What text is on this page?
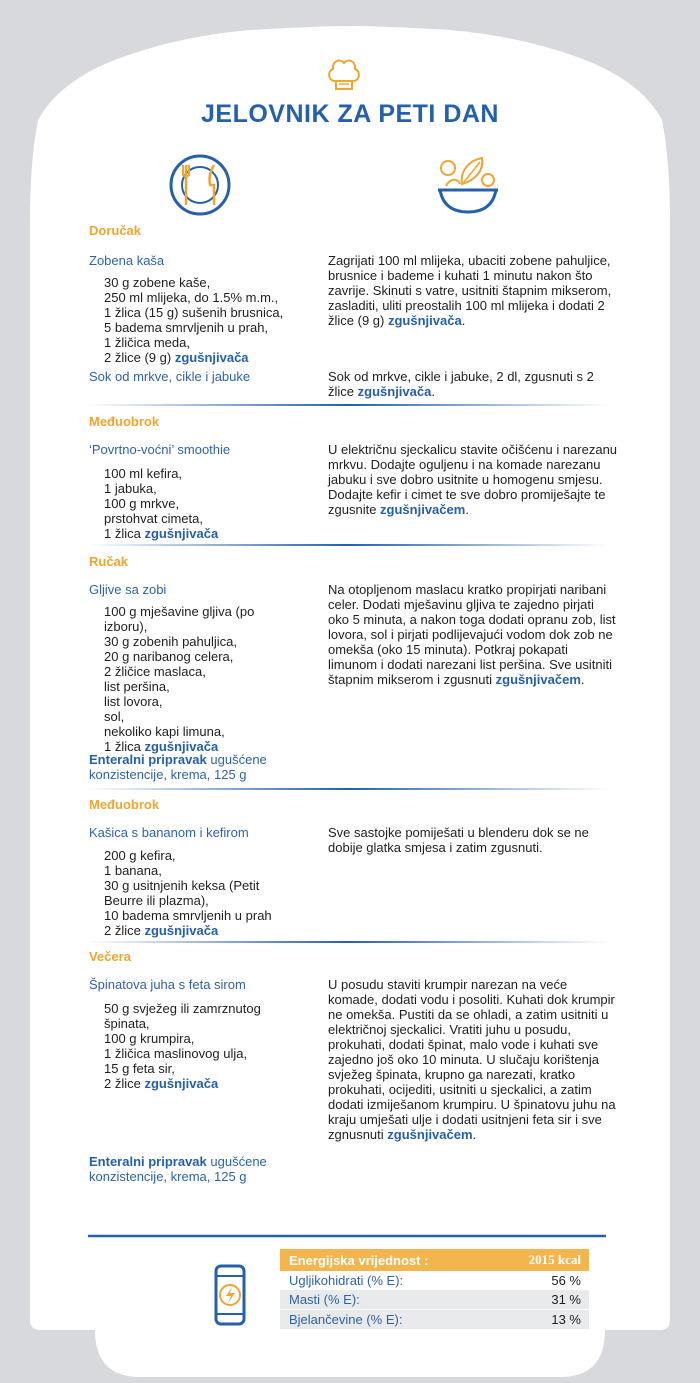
JELOVNIK ZA PETI DAN
Doručak
Zobena kaša
30 g zobene kaše,
250 ml mlijeka, do 1.5% m.m.,
1 žlica (15 g) sušenih brusnica,
5 badema smrvljenih u prah,
1 žličica meda,
2 žlice (9 g) zgušnjivača
Zagrijati 100 ml mlijeka, ubaciti zobene pahuljice, brusnice i bademe i kuhati 1 minutu nakon što zavrije. Skinuti s vatre, usitniti štapnim mikserom, zasladiti, uliti preostalih 100 ml mlijeka i dodati 2 žlice (9 g) zgušnjivača.
Sok od mrkve, cikle i jabuke	Sok od mrkve, cikle i jabuke, 2 dl, zgusnuti s 2 žlice zgušnjivača.
Međuobrok
‘Povrtno-voćni’ smoothie
100 ml kefira,
1 jabuka,
100 g mrkve,
prstohvat cimeta,
1 žlica zgušnjivača
U električnu sjeckalicu stavite očišćenu i narezanu mrkvu. Dodajte oguljenu i na komade narezanu jabuku i sve dobro usitnite u homogenu smjesu. Dodajte kefir i cimet te sve dobro promiješajte te zgusnite zgušnjivačem.
Ručak
Gljive sa zobi
100 g mješavine gljiva (po
izboru),
30 g zobenih pahuljica,
20 g naribanog celera,
2 žličice maslaca,
list peršina,
list lovora,
sol,
nekoliko kapi limuna,
1 žlica zgušnjivača
Na otopljenom maslacu kratko propirjati naribani celer. Dodati mješavinu gljiva te zajedno pirjati oko 5 minuta, a nakon toga dodati opranu zob, list lovora, sol i pirjati podlijevajući vodom dok zob ne omekša (oko 15 minuta). Potkraj pokapati limunom i dodati narezani list peršina. Sve usitniti štapnim mikserom i zgusnuti zgušnjivačem.
Enteralni pripravak ugušćene konzistencije, krema, 125 g
Međuobrok
Kašica s bananom i kefirom
200 g kefira,
1 banana,
30 g usitnjenih keksa (Petit
Beurre ili plazma),
10 badema smrvljenih u prah
2 žlice zgušnjivača
Sve sastojke pomiješati u blenderu dok se ne dobije glatka smjesa i zatim zgusnuti.
Večera
Špinatova juha s feta sirom
50 g svježeg ili zamrznutog
špinata,
100 g krumpira,
1 žličica maslinovog ulja,
15 g feta sir,
2 žlice zgušnjivača
U posudu staviti krumpir narezan na veće komade, dodati vodu i posoliti. Kuhati dok krumpir ne omekša. Pustiti da se ohladi, a zatim usitniti u električnoj sjeckalici. Vratiti juhu u posudu, prokuhati, dodati špinat, malo vode i kuhati sve zajedno još oko 10 minuta. U slučaju korištenja svježeg špinata, krupno ga narezati, kratko prokuhati, ocijediti, usitniti u sjeckalici, a zatim dodati izmiješanom krumpiru. U špinatovu juhu na kraju umješati ulje i dodati usitnjeni feta sir i sve zgnusnuti zgušnjivačem.
Enteralni pripravak ugušćene konzistencije, krema, 125 g
Energijska vrijednost :	2015 kcal
Ugljikohidrati (% E):	56 %
Masti (% E):	31 %
Bjelančevine (% E):	13 %
